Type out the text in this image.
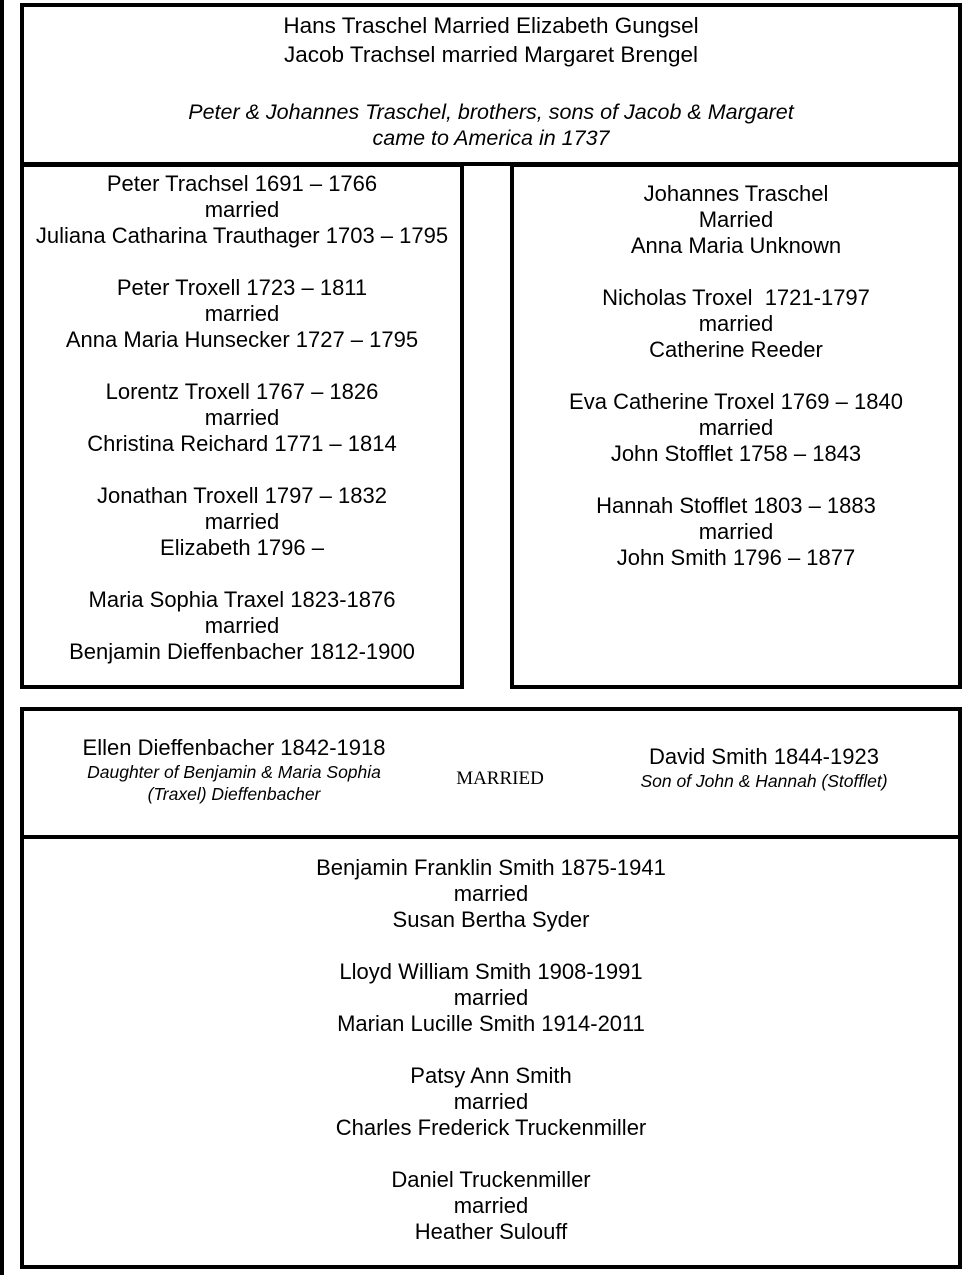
Hans Traschel Married Elizabeth Gungsel
Jacob Trachsel married Margaret Brengel
Peter & Johannes Traschel, brothers, sons of Jacob & Margaret
came to America in 1737
Peter Trachsel 1691 – 1766
married
Juliana Catharina Trauthager 1703 – 1795
Peter Troxell 1723 – 1811
married
Anna Maria Hunsecker 1727 – 1795
Lorentz Troxell 1767 – 1826
married
Christina Reichard 1771 – 1814
Jonathan Troxell 1797 – 1832
married
Elizabeth 1796 –
Maria Sophia Traxel 1823-1876
married
Benjamin Dieffenbacher 1812-1900
Johannes Traschel
Married
Anna Maria Unknown
Nicholas Troxel  1721-1797
married
Catherine Reeder
Eva Catherine Troxel 1769 – 1840
married
John Stofflet 1758 – 1843
Hannah Stofflet 1803 – 1883
married
John Smith 1796 – 1877
Ellen Dieffenbacher 1842-1918
Daughter of Benjamin & Maria Sophia
(Traxel) Dieffenbacher
MARRIED
David Smith 1844-1923
Son of John & Hannah (Stofflet)
Benjamin Franklin Smith 1875-1941
married
Susan Bertha Syder
Lloyd William Smith 1908-1991
married
Marian Lucille Smith 1914-2011
Patsy Ann Smith
married
Charles Frederick Truckenmiller
Daniel Truckenmiller
married
Heather Sulouff
